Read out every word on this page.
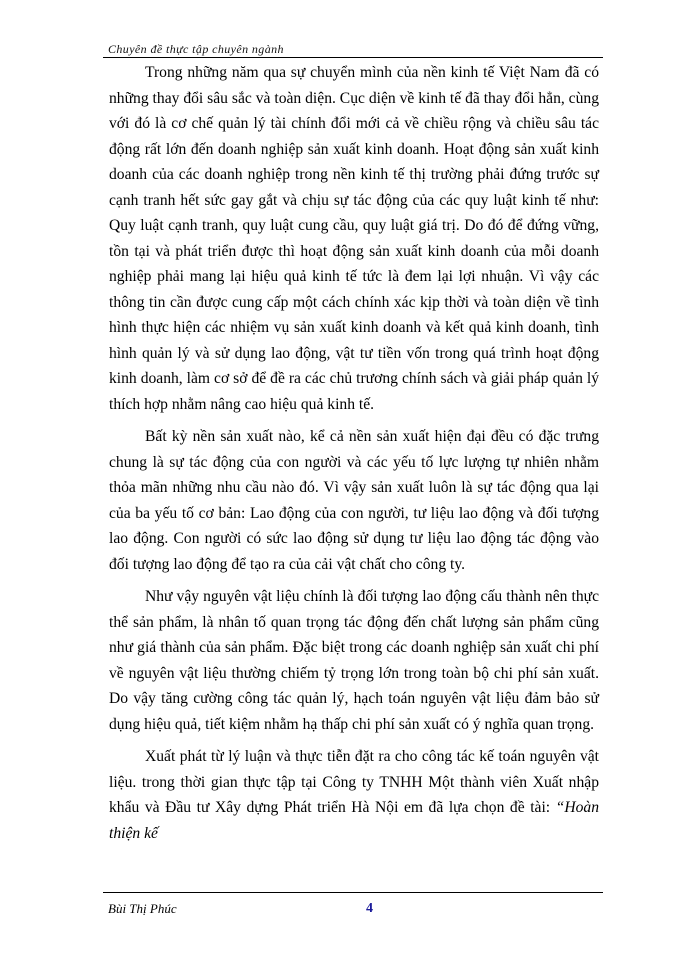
Chuyên đề thực tập chuyên ngành

Trong những năm qua sự chuyển mình của nền kinh tế Việt Nam đã có những thay đổi sâu sắc và toàn diện. Cục diện về kinh tế đã thay đổi hẳn, cùng với đó là cơ chế quản lý tài chính đổi mới cả về chiều rộng và chiều sâu tác động rất lớn đến doanh nghiệp sản xuất kinh doanh. Hoạt động sản xuất kinh doanh của các doanh nghiệp trong nền kinh tế thị trường phải đứng trước sự cạnh tranh hết sức gay gắt và chịu sự tác động của các quy luật kinh tế như: Quy luật cạnh tranh, quy luật cung cầu, quy luật giá trị. Do đó để đứng vững, tồn tại và phát triển được thì hoạt động sản xuất kinh doanh của mỗi doanh nghiệp phải mang lại hiệu quả kinh tế tức là đem lại lợi nhuận. Vì vậy các thông tin cần được cung cấp một cách chính xác kịp thời và toàn diện về tình hình thực hiện các nhiệm vụ sản xuất kinh doanh và kết quả kinh doanh, tình hình quản lý và sử dụng lao động, vật tư tiền vốn trong quá trình hoạt động kinh doanh, làm cơ sở để đề ra các chủ trương chính sách và giải pháp quản lý thích hợp nhằm nâng cao hiệu quả kinh tế.

Bất kỳ nền sản xuất nào, kể cả nền sản xuất hiện đại đều có đặc trưng chung là sự tác động của con người và các yếu tố lực lượng tự nhiên nhằm thỏa mãn những nhu cầu nào đó. Vì vậy sản xuất luôn là sự tác động qua lại của ba yếu tố cơ bản: Lao động của con người, tư liệu lao động và đối tượng lao động. Con người có sức lao động sử dụng tư liệu lao động tác động vào đối tượng lao động để tạo ra của cải vật chất cho công ty.

Như vậy nguyên vật liệu chính là đối tượng lao động cấu thành nên thực thể sản phẩm, là nhân tố quan trọng tác động đến chất lượng sản phẩm cũng như giá thành của sản phẩm. Đặc biệt trong các doanh nghiệp sản xuất chi phí về nguyên vật liệu thường chiếm tỷ trọng lớn trong toàn bộ chi phí sản xuất. Do vậy tăng cường công tác quản lý, hạch toán nguyên vật liệu đảm bảo sử dụng hiệu quả, tiết kiệm nhằm hạ thấp chi phí sản xuất có ý nghĩa quan trọng.

Xuất phát từ lý luận và thực tiễn đặt ra cho công tác kế toán nguyên vật liệu. trong thời gian thực tập tại Công ty TNHH Một thành viên Xuất nhập khẩu và Đầu tư Xây dựng Phát triển Hà Nội em đã lựa chọn đề tài: “Hoàn thiện kế

Bùi Thị Phúc	4
